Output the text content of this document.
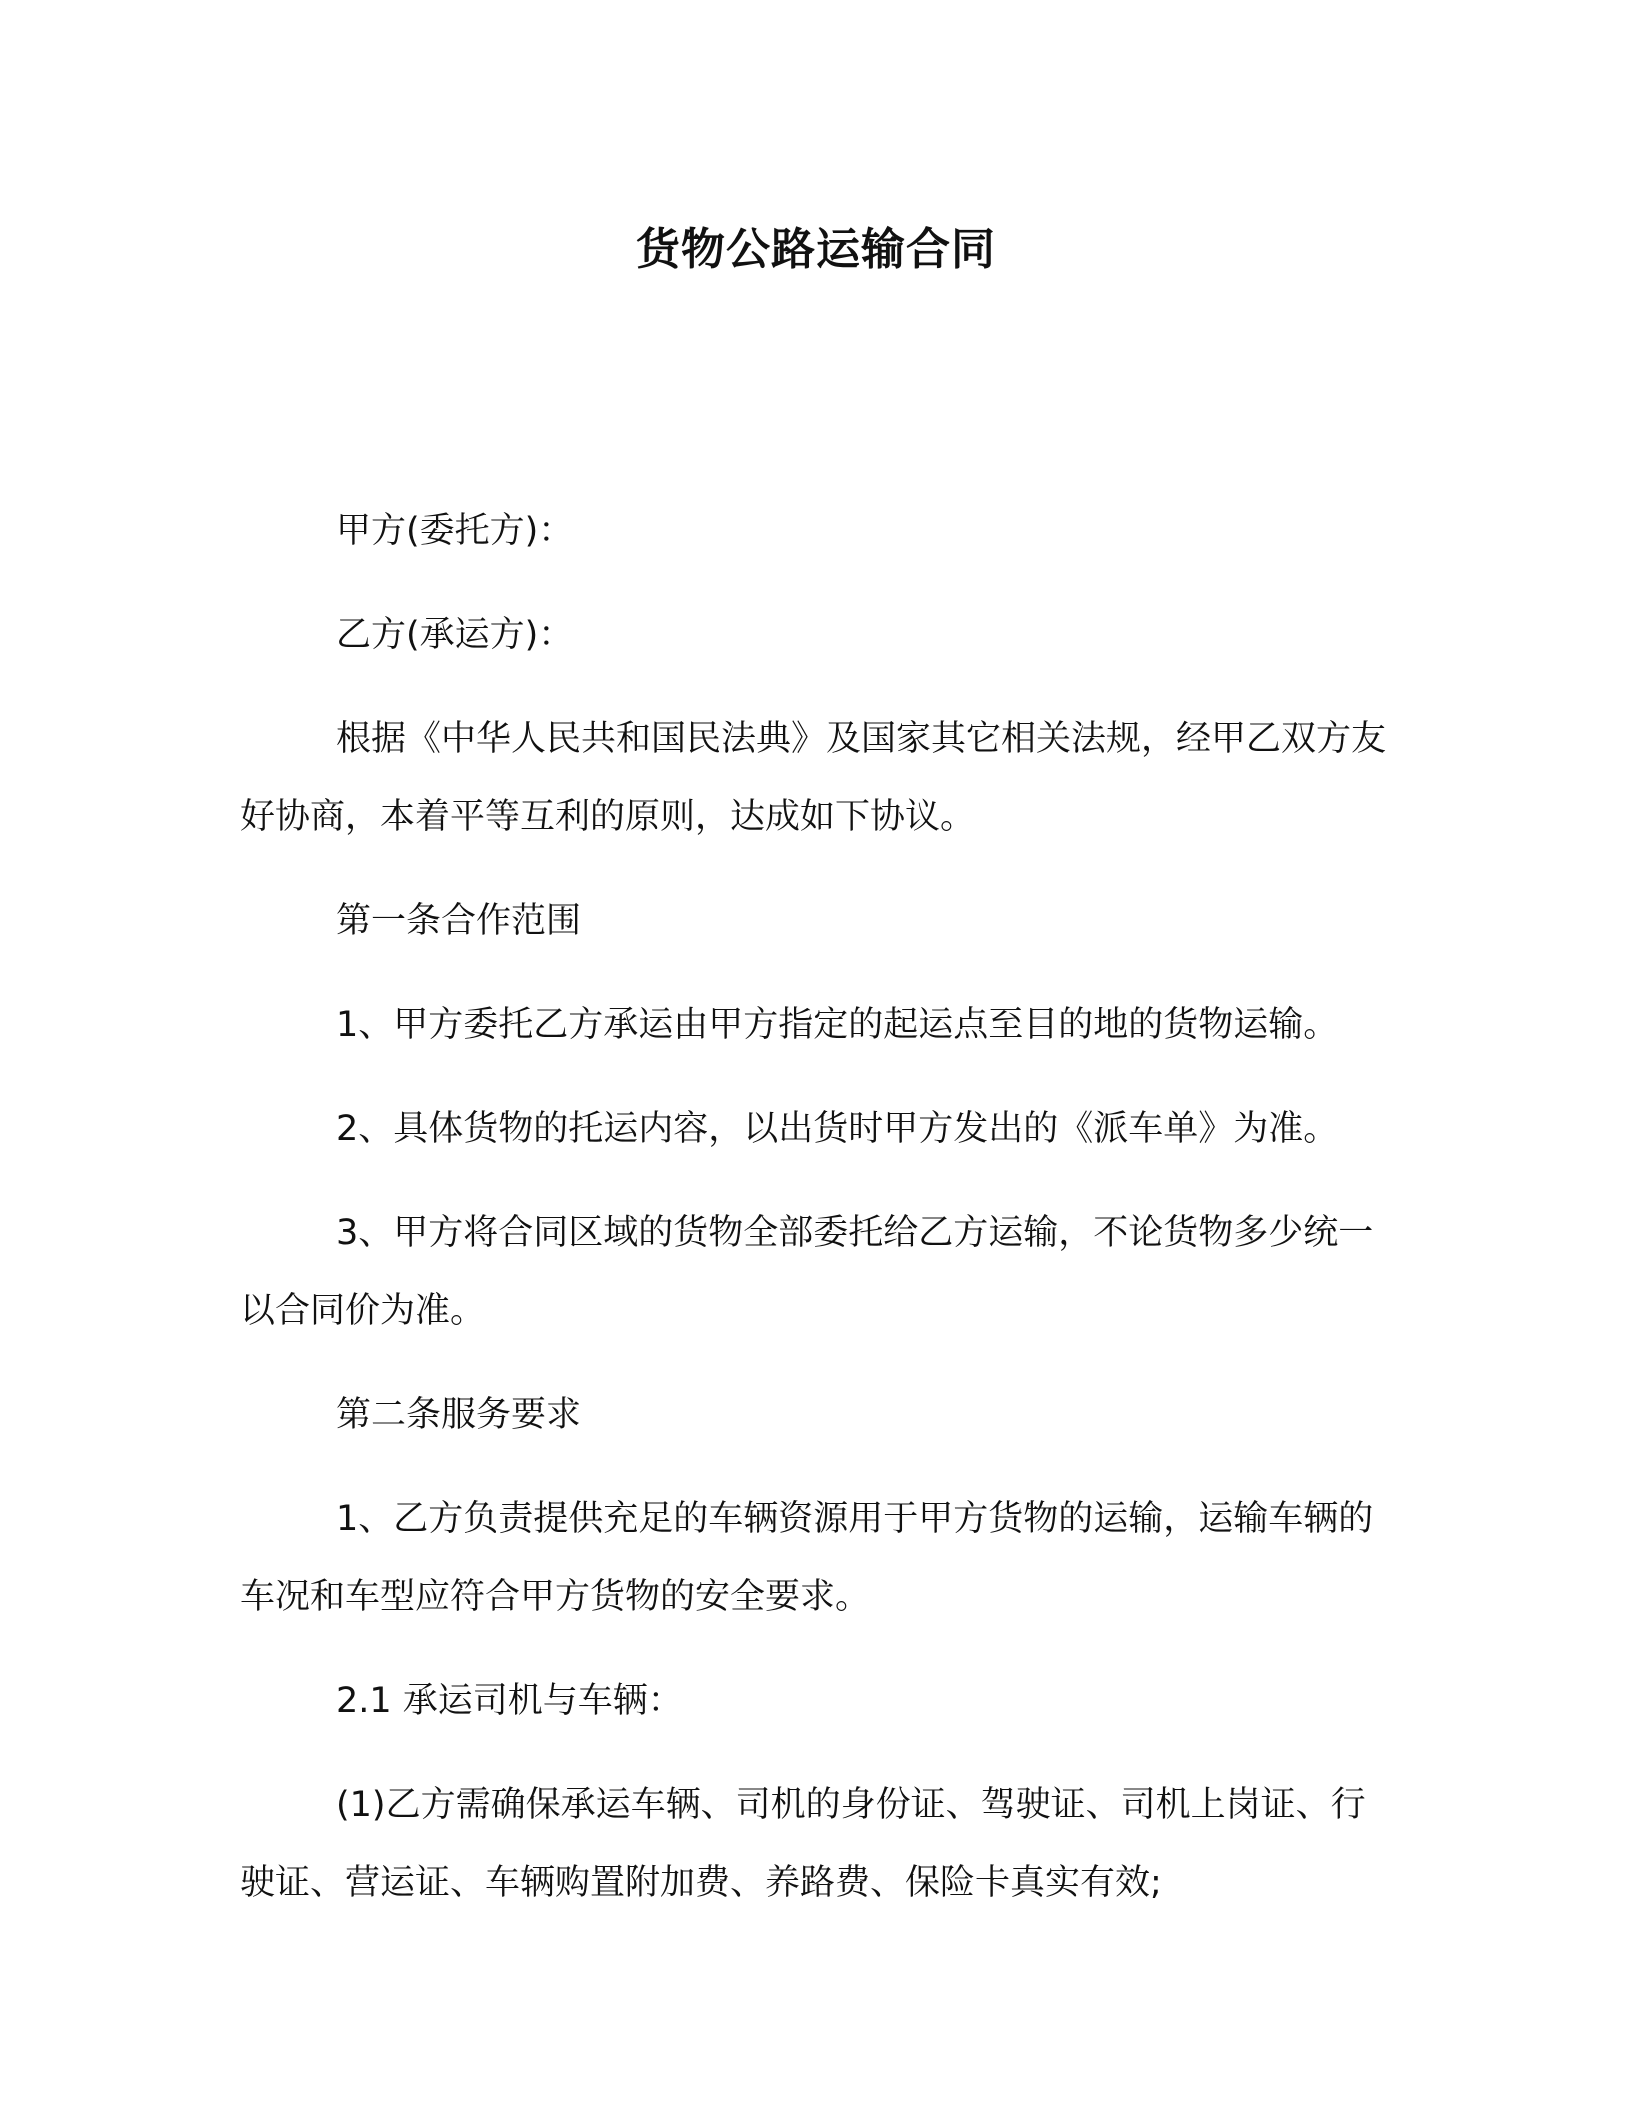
货物公路运输合同

甲方(委托方)：

乙方(承运方)：

根据《中华人民共和国民法典》及国家其它相关法规，经甲乙双方友好协商，本着平等互利的原则，达成如下协议。

第一条合作范围

1、甲方委托乙方承运由甲方指定的起运点至目的地的货物运输。

2、具体货物的托运内容，以出货时甲方发出的《派车单》为准。

3、甲方将合同区域的货物全部委托给乙方运输，不论货物多少统一以合同价为准。

第二条服务要求

1、乙方负责提供充足的车辆资源用于甲方货物的运输，运输车辆的车况和车型应符合甲方货物的安全要求。

2.1 承运司机与车辆：

(1)乙方需确保承运车辆、司机的身份证、驾驶证、司机上岗证、行驶证、营运证、车辆购置附加费、养路费、保险卡真实有效;
